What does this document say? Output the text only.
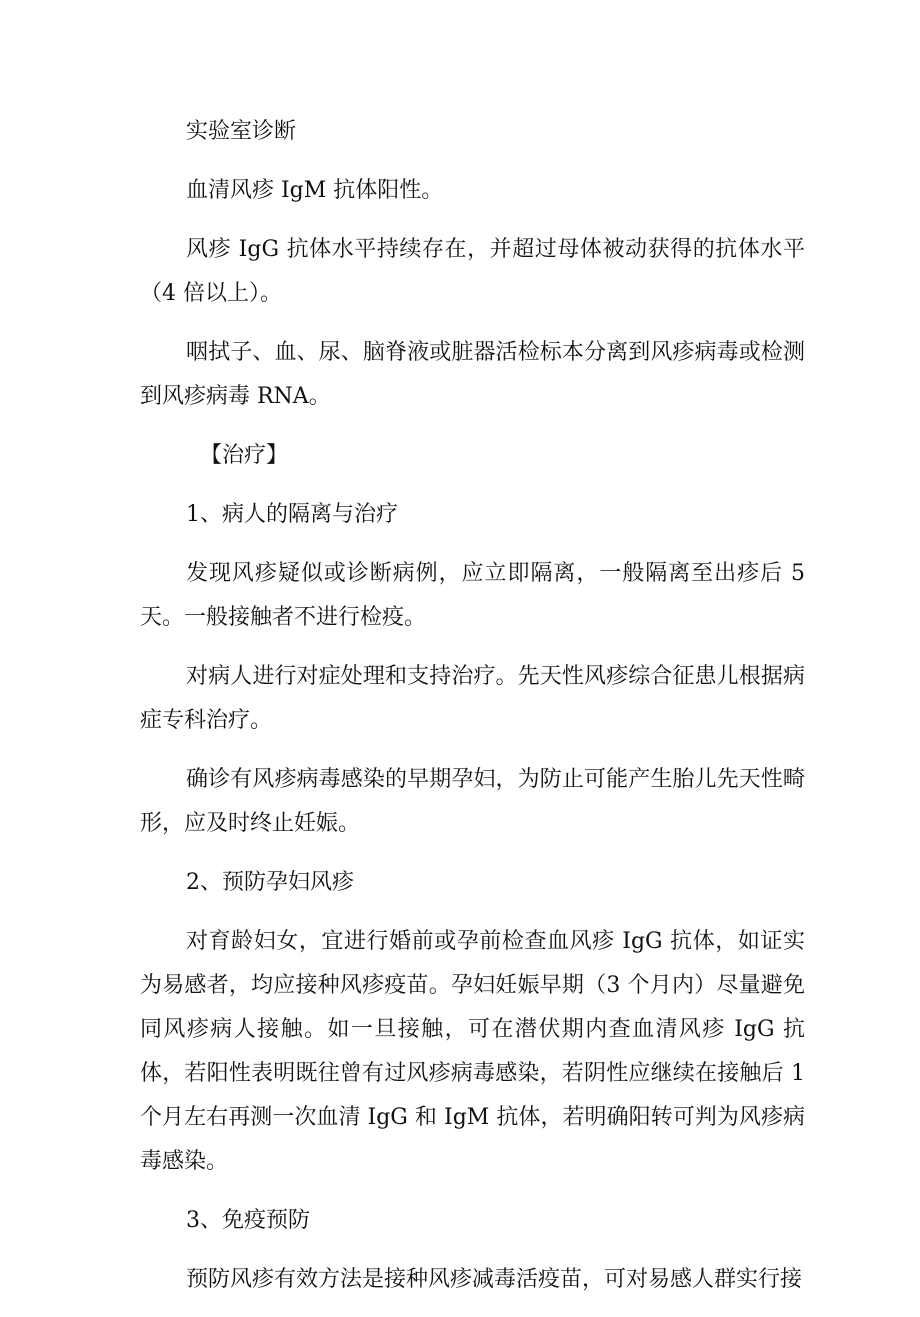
实验室诊断

血清风疹 IgM 抗体阳性。

风疹 IgG 抗体水平持续存在，并超过母体被动获得的抗体水平（4 倍以上）。

咽拭子、血、尿、脑脊液或脏器活检标本分离到风疹病毒或检测到风疹病毒 RNA。

【治疗】

1、病人的隔离与治疗

发现风疹疑似或诊断病例，应立即隔离，一般隔离至出疹后 5 天。一般接触者不进行检疫。

对病人进行对症处理和支持治疗。先天性风疹综合征患儿根据病症专科治疗。

确诊有风疹病毒感染的早期孕妇，为防止可能产生胎儿先天性畸形，应及时终止妊娠。

2、预防孕妇风疹

对育龄妇女，宜进行婚前或孕前检查血风疹 IgG 抗体，如证实为易感者，均应接种风疹疫苗。孕妇妊娠早期（3 个月内）尽量避免同风疹病人接触。如一旦接触，可在潜伏期内查血清风疹 IgG 抗体，若阳性表明既往曾有过风疹病毒感染，若阴性应继续在接触后 1 个月左右再测一次血清 IgG 和 IgM 抗体，若明确阳转可判为风疹病毒感染。

3、免疫预防

预防风疹有效方法是接种风疹减毒活疫苗，可对易感人群实行接
